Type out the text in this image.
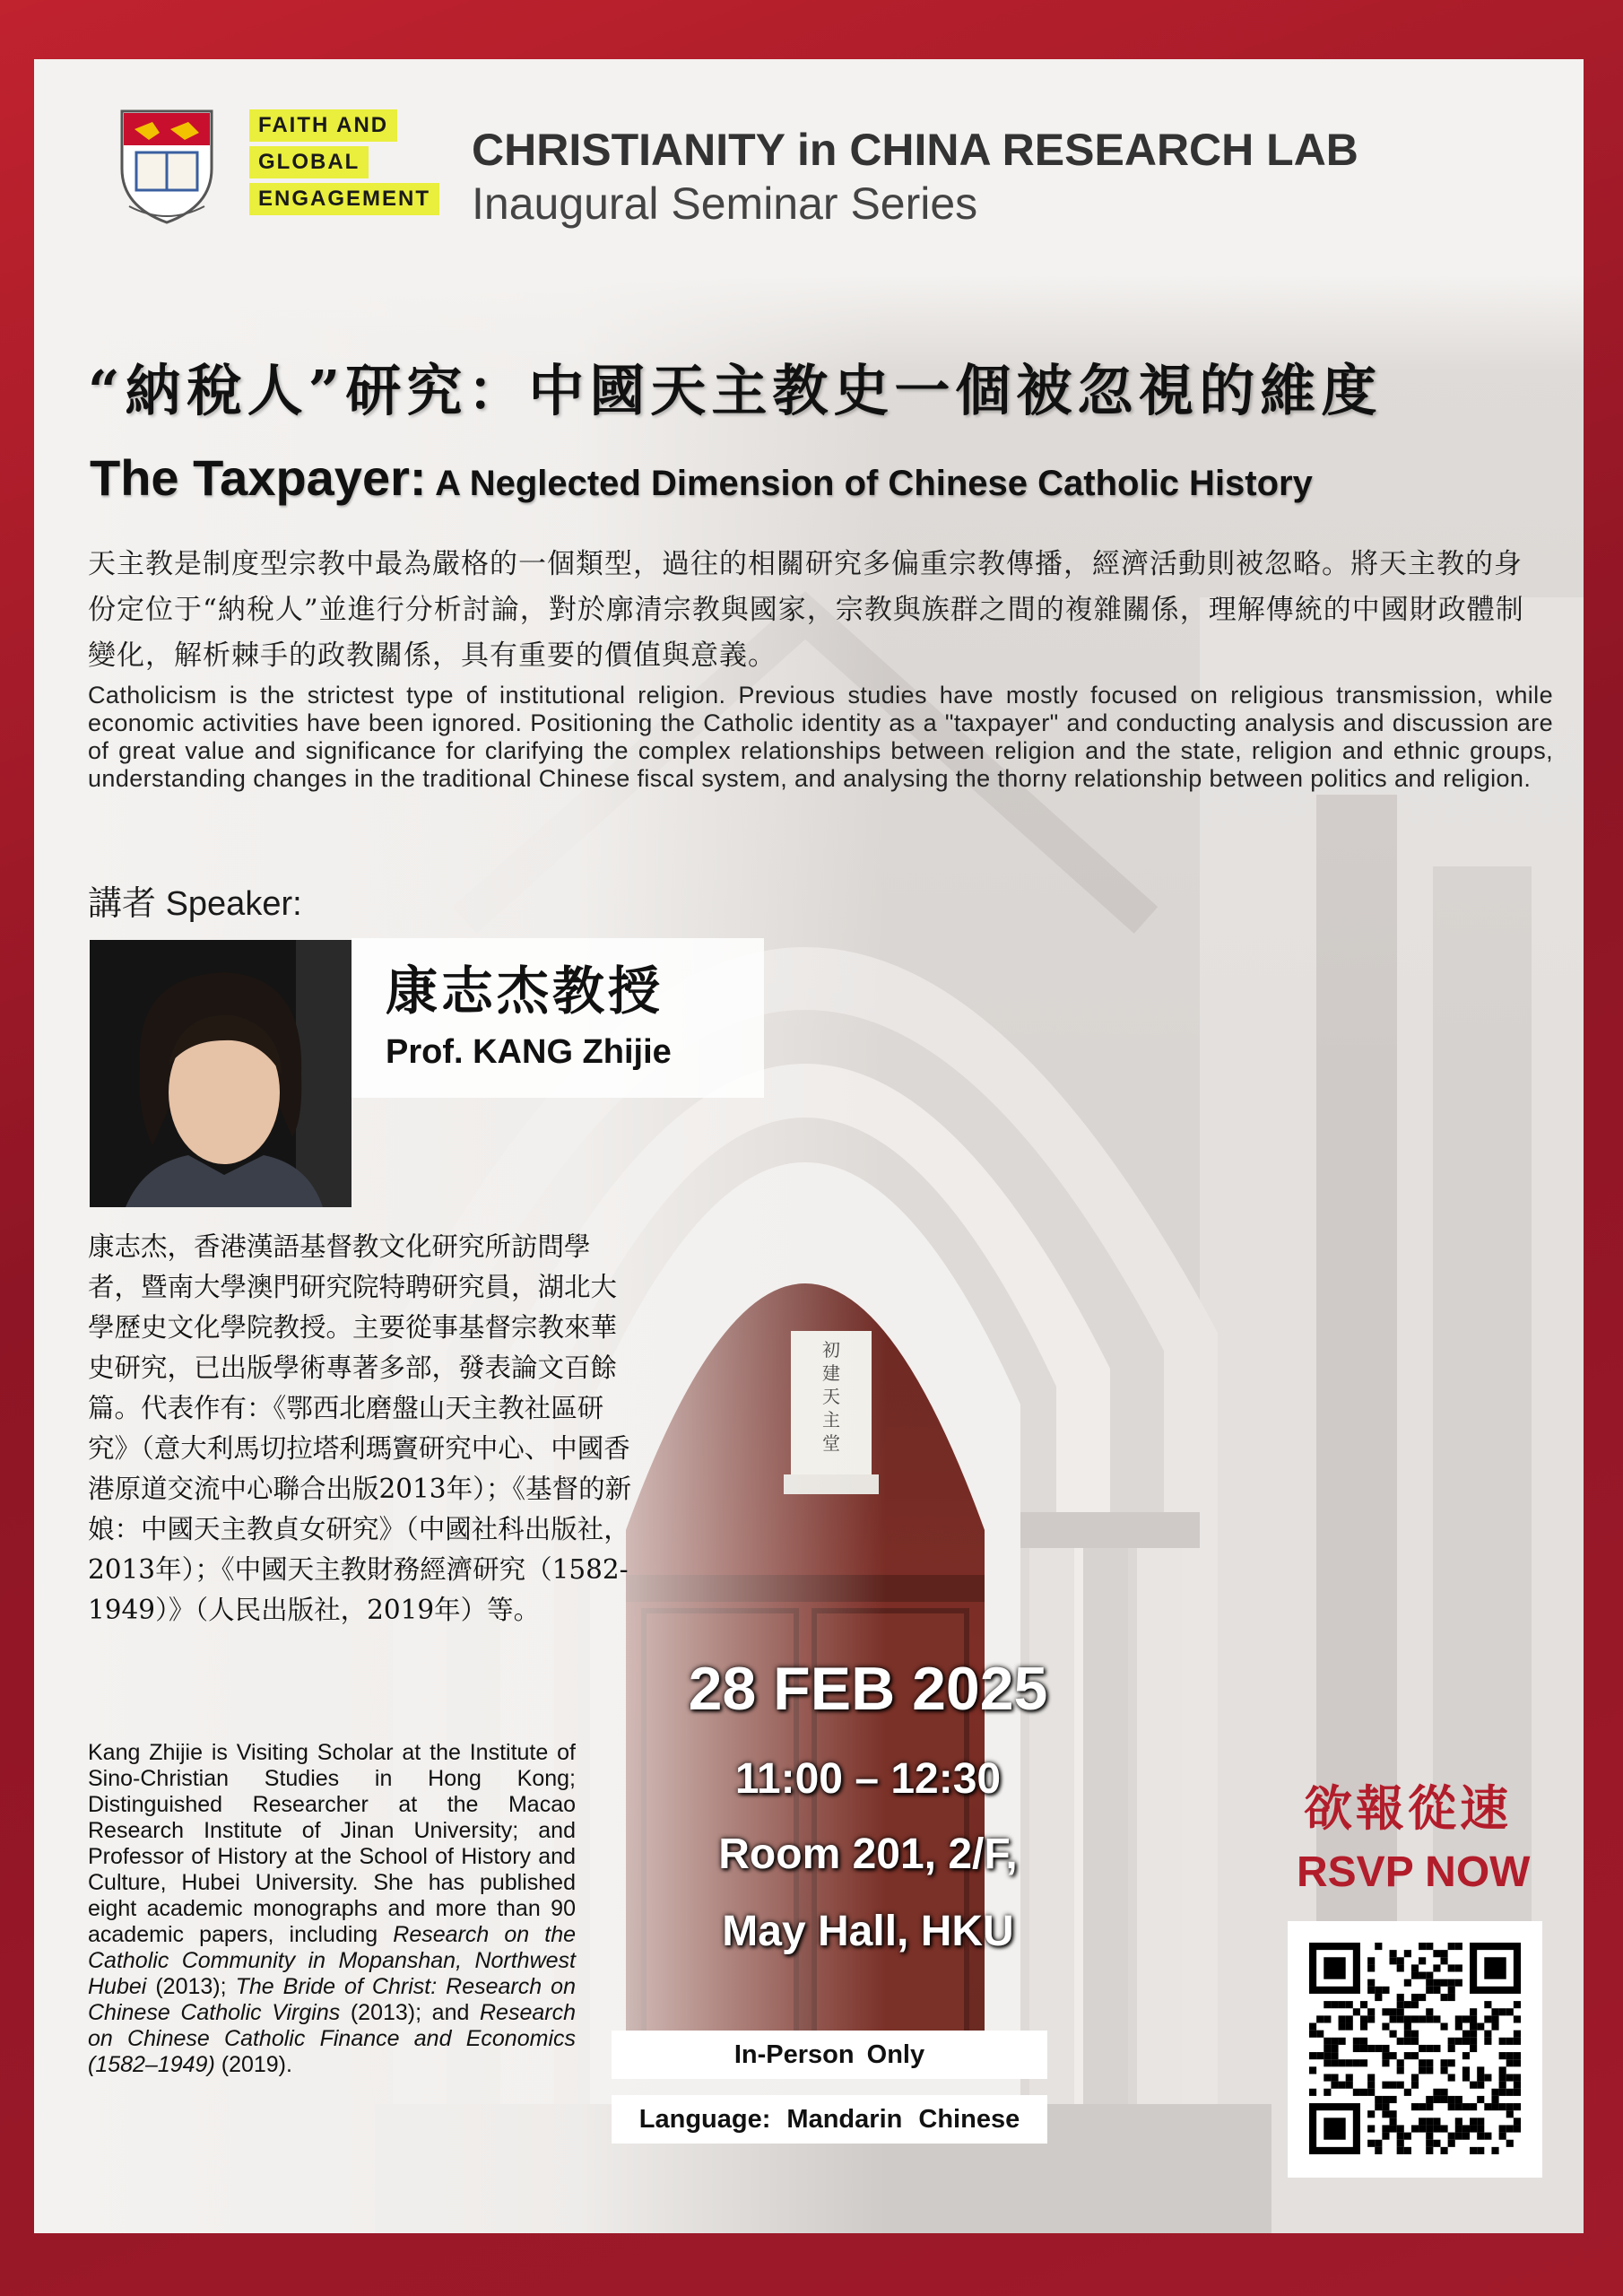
初
建
天
主
堂
FAITH AND
GLOBAL
ENGAGEMENT
CHRISTIANITY in CHINA RESEARCH LAB
Inaugural Seminar Series
“納稅人”研究：中國天主教史一個被忽視的維度
The Taxpayer: A Neglected Dimension of Chinese Catholic History
天主教是制度型宗教中最為嚴格的一個類型，過往的相關研究多偏重宗教傳播，經濟活動則被忽略。將天主教的身份定位于“納稅人”並進行分析討論，對於廓清宗教與國家，宗教與族群之間的複雜關係，理解傳統的中國財政體制變化，解析棘手的政教關係，具有重要的價值與意義。
Catholicism is the strictest type of institutional religion. Previous studies have mostly focused on religious transmission, while economic activities have been ignored. Positioning the Catholic identity as a "taxpayer" and conducting analysis and discussion are of great value and significance for clarifying the complex relationships between religion and the state, religion and ethnic groups, understanding changes in the traditional Chinese fiscal system, and analysing the thorny relationship between politics and religion.
講者 Speaker:
康志杰教授
Prof. KANG Zhijie
康志杰，香港漢語基督教文化研究所訪問學者，暨南大學澳門研究院特聘研究員，湖北大學歷史文化學院教授。主要從事基督宗教來華史研究，已出版學術專著多部，發表論文百餘篇。代表作有：《鄂西北磨盤山天主教社區研究》（意大利馬切拉塔利瑪竇研究中心、中國香港原道交流中心聯合出版2013年）；《基督的新娘：中國天主教貞女研究》（中國社科出版社，2013年）；《中國天主教財務經濟研究（1582-1949）》（人民出版社，2019年）等。
Kang Zhijie is Visiting Scholar at the Institute of Sino-Christian Studies in Hong Kong; Distinguished Researcher at the Macao Research Institute of Jinan University; and Professor of History at the School of History and Culture, Hubei University. She has published eight academic monographs and more than 90 academic papers, including Research on the Catholic Community in Mopanshan, Northwest Hubei (2013); The Bride of Christ: Research on Chinese Catholic Virgins (2013); and Research on Chinese Catholic Finance and Economics (1582–1949) (2019).
28 FEB 2025
11:00 – 12:30
Room 201, 2/F,
May Hall, HKU
In-Person Only
Language: Mandarin Chinese
欲報從速
RSVP NOW
